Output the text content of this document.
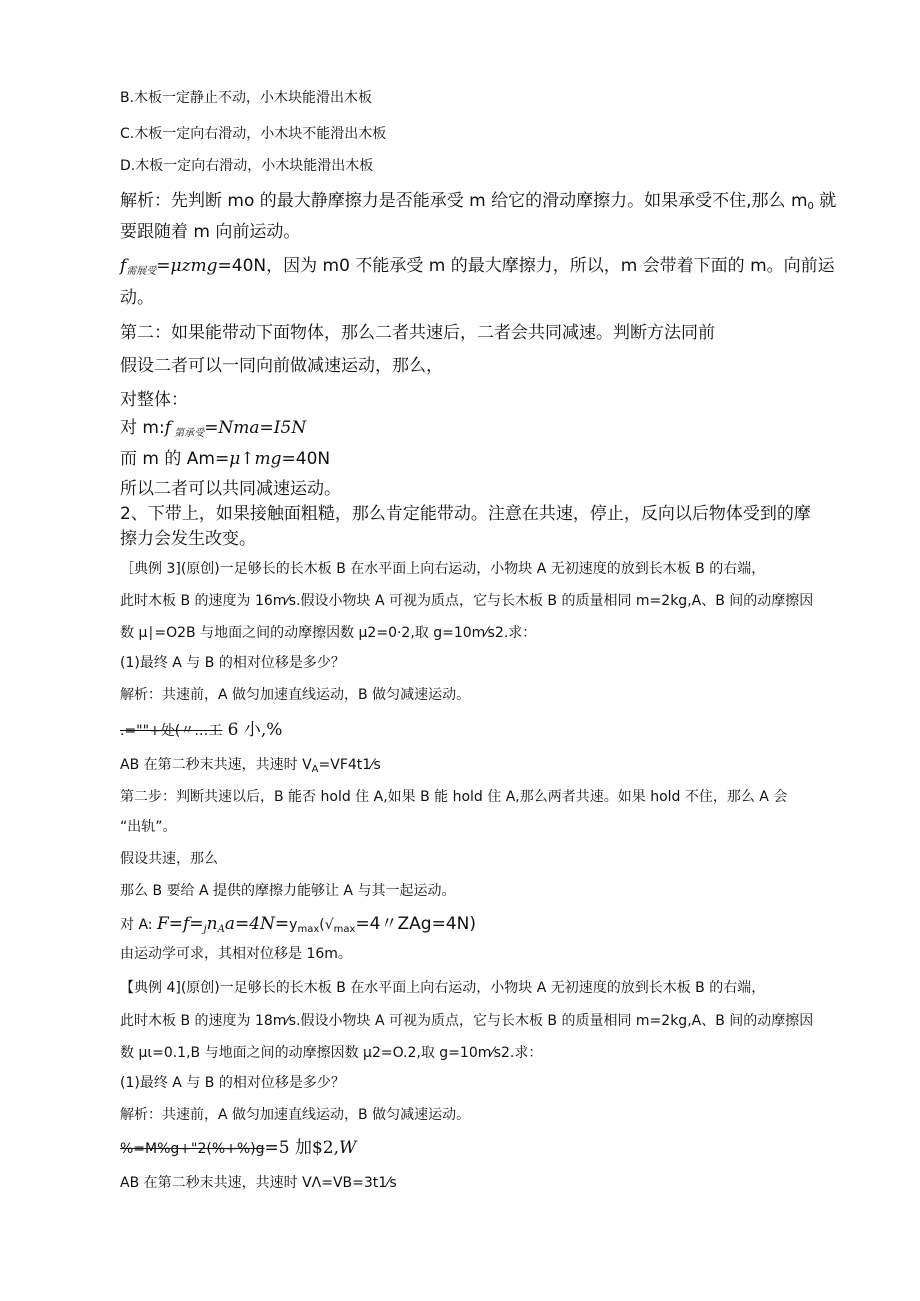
B.木板一定静止不动，小木块能滑出木板
C.木板一定向右滑动，小木块不能滑出木板
D.木板一定向右滑动，小木块能滑出木板
解析：先判断 mo 的最大静摩擦力是否能承受 m 给它的滑动摩擦力。如果承受不住,那么 $m_0$ 就
要跟随着 m 向前运动。
$f_{需展受}=\mu zmg=40N$，因为 m0 不能承受 m 的最大摩擦力，所以，m 会带着下面的 m。向前运
动。
第二：如果能带动下面物体，那么二者共速后，二者会共同减速。判断方法同前
假设二者可以一同向前做减速运动，那么，
对整体：
对 m:f $_{第承受}$=Nma=I5N
而 m 的 Am=μ↑mg=40N
所以二者可以共同减速运动。
2、下带上，如果接触面粗糙，那么肯定能带动。注意在共速，停止，反向以后物体受到的摩
擦力会发生改变。
［典例 3](原创)一足够长的长木板 B 在水平面上向右运动，小物块 A 无初速度的放到长木板 B 的右端，
此时木板 B 的速度为 16m⁄s.假设小物块 A 可视为质点，它与长木板 B 的质量相同 m=2kg,A、B 间的动摩擦因
数 μ∣=O2B 与地面之间的动摩擦因数 μ2=0·2,取 g=10m⁄s2.求：
(1)最终 A 与 B 的相对位移是多少？
解析：共速前，A 做匀加速直线运动，B 做匀减速运动。
.=""+处(〃…工 6 小,%
AB 在第二秒末共速，共速时 $V_A=VF4t1⁄s$
第二步：判断共速以后，B 能否 hold 住 A,如果 B 能 hold 住 A,那么两者共速。如果 hold 不住，那么 A 会
“出轨”。
假设共速，那么
那么 B 要给 A 提供的摩擦力能够让 A 与其一起运动。
对 A: $F=f=_jn_Aa=4N=y_{max}(√_{max}=4$〃ZAg=4N)
由运动学可求，其相对位移是 16m。
【典例 4](原创)一足够长的长木板 B 在水平面上向右运动，小物块 A 无初速度的放到长木板 B 的右端，
此时木板 B 的速度为 18m⁄s.假设小物块 A 可视为质点，它与长木板 B 的质量相同 m=2kg,A、B 间的动摩擦因
数 μι=0.1,B 与地面之间的动摩擦因数 μ2=O.2,取 g=10m⁄s2.求：
(1)最终 A 与 B 的相对位移是多少？
解析：共速前，A 做匀加速直线运动，B 做匀减速运动。
%=M%g+"2(%+%)g=5 加$2,W
AB 在第二秒末共速，共速时 VΛ=VB=3t1⁄s
